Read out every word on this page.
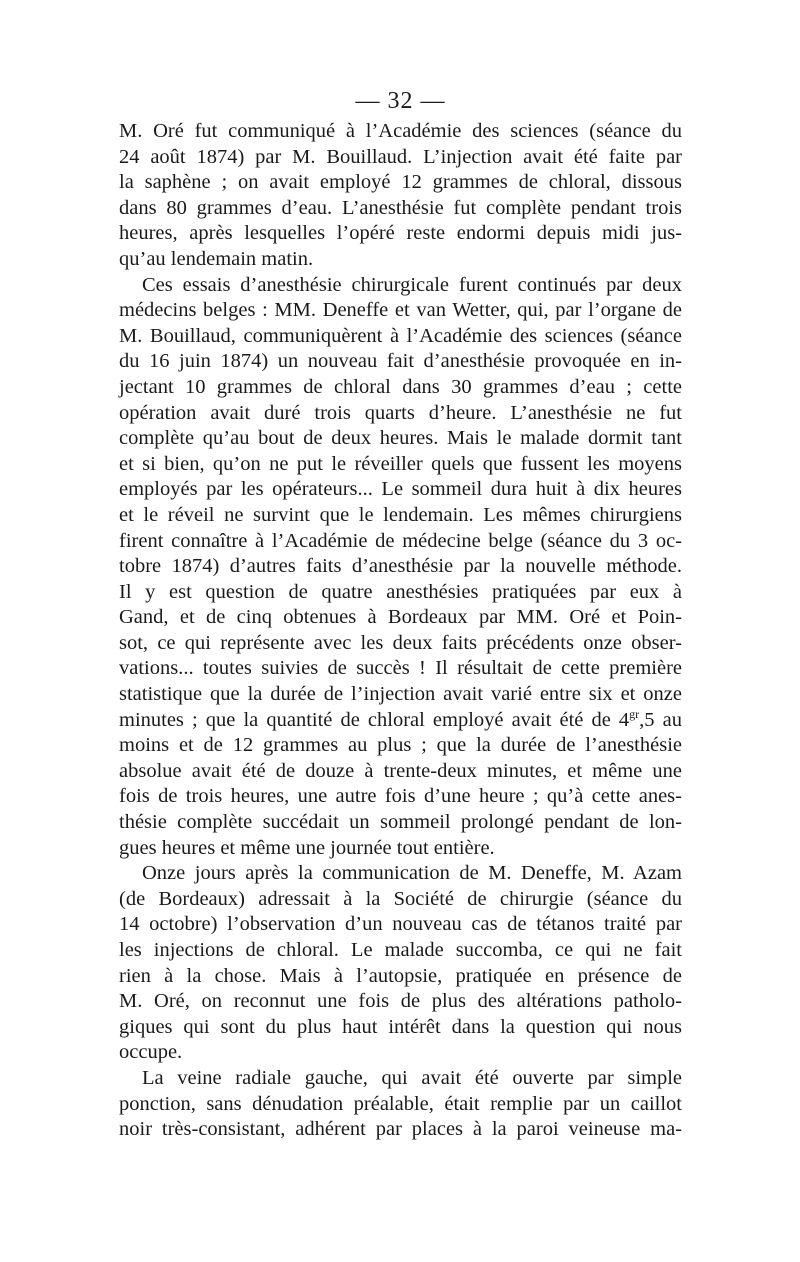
— 32 —
M. Oré fut communiqué à l’Académie des sciences (séance du
24 août 1874) par M. Bouillaud. L’injection avait été faite par
la saphène ; on avait employé 12 grammes de chloral, dissous
dans 80 grammes d’eau. L’anesthésie fut complète pendant trois
heures, après lesquelles l’opéré reste endormi depuis midi jus-
qu’au lendemain matin.
Ces essais d’anesthésie chirurgicale furent continués par deux
médecins belges : MM. Deneffe et van Wetter, qui, par l’organe de
M. Bouillaud, communiquèrent à l’Académie des sciences (séance
du 16 juin 1874) un nouveau fait d’anesthésie provoquée en in-
jectant 10 grammes de chloral dans 30 grammes d’eau ; cette
opération avait duré trois quarts d’heure. L’anesthésie ne fut
complète qu’au bout de deux heures. Mais le malade dormit tant
et si bien, qu’on ne put le réveiller quels que fussent les moyens
employés par les opérateurs... Le sommeil dura huit à dix heures
et le réveil ne survint que le lendemain. Les mêmes chirurgiens
firent connaître à l’Académie de médecine belge (séance du 3 oc-
tobre 1874) d’autres faits d’anesthésie par la nouvelle méthode.
Il y est question de quatre anesthésies pratiquées par eux à
Gand, et de cinq obtenues à Bordeaux par MM. Oré et Poin-
sot, ce qui représente avec les deux faits précédents onze obser-
vations... toutes suivies de succès ! Il résultait de cette première
statistique que la durée de l’injection avait varié entre six et onze
minutes ; que la quantité de chloral employé avait été de $4^{gr},5$ au
moins et de 12 grammes au plus ; que la durée de l’anesthésie
absolue avait été de douze à trente-deux minutes, et même une
fois de trois heures, une autre fois d’une heure ; qu’à cette anes-
thésie complète succédait un sommeil prolongé pendant de lon-
gues heures et même une journée tout entière.
Onze jours après la communication de M. Deneffe, M. Azam
(de Bordeaux) adressait à la Société de chirurgie (séance du
14 octobre) l’observation d’un nouveau cas de tétanos traité par
les injections de chloral. Le malade succomba, ce qui ne fait
rien à la chose. Mais à l’autopsie, pratiquée en présence de
M. Oré, on reconnut une fois de plus des altérations patholo-
giques qui sont du plus haut intérêt dans la question qui nous
occupe.
La veine radiale gauche, qui avait été ouverte par simple
ponction, sans dénudation préalable, était remplie par un caillot
noir très-consistant, adhérent par places à la paroi veineuse ma-
